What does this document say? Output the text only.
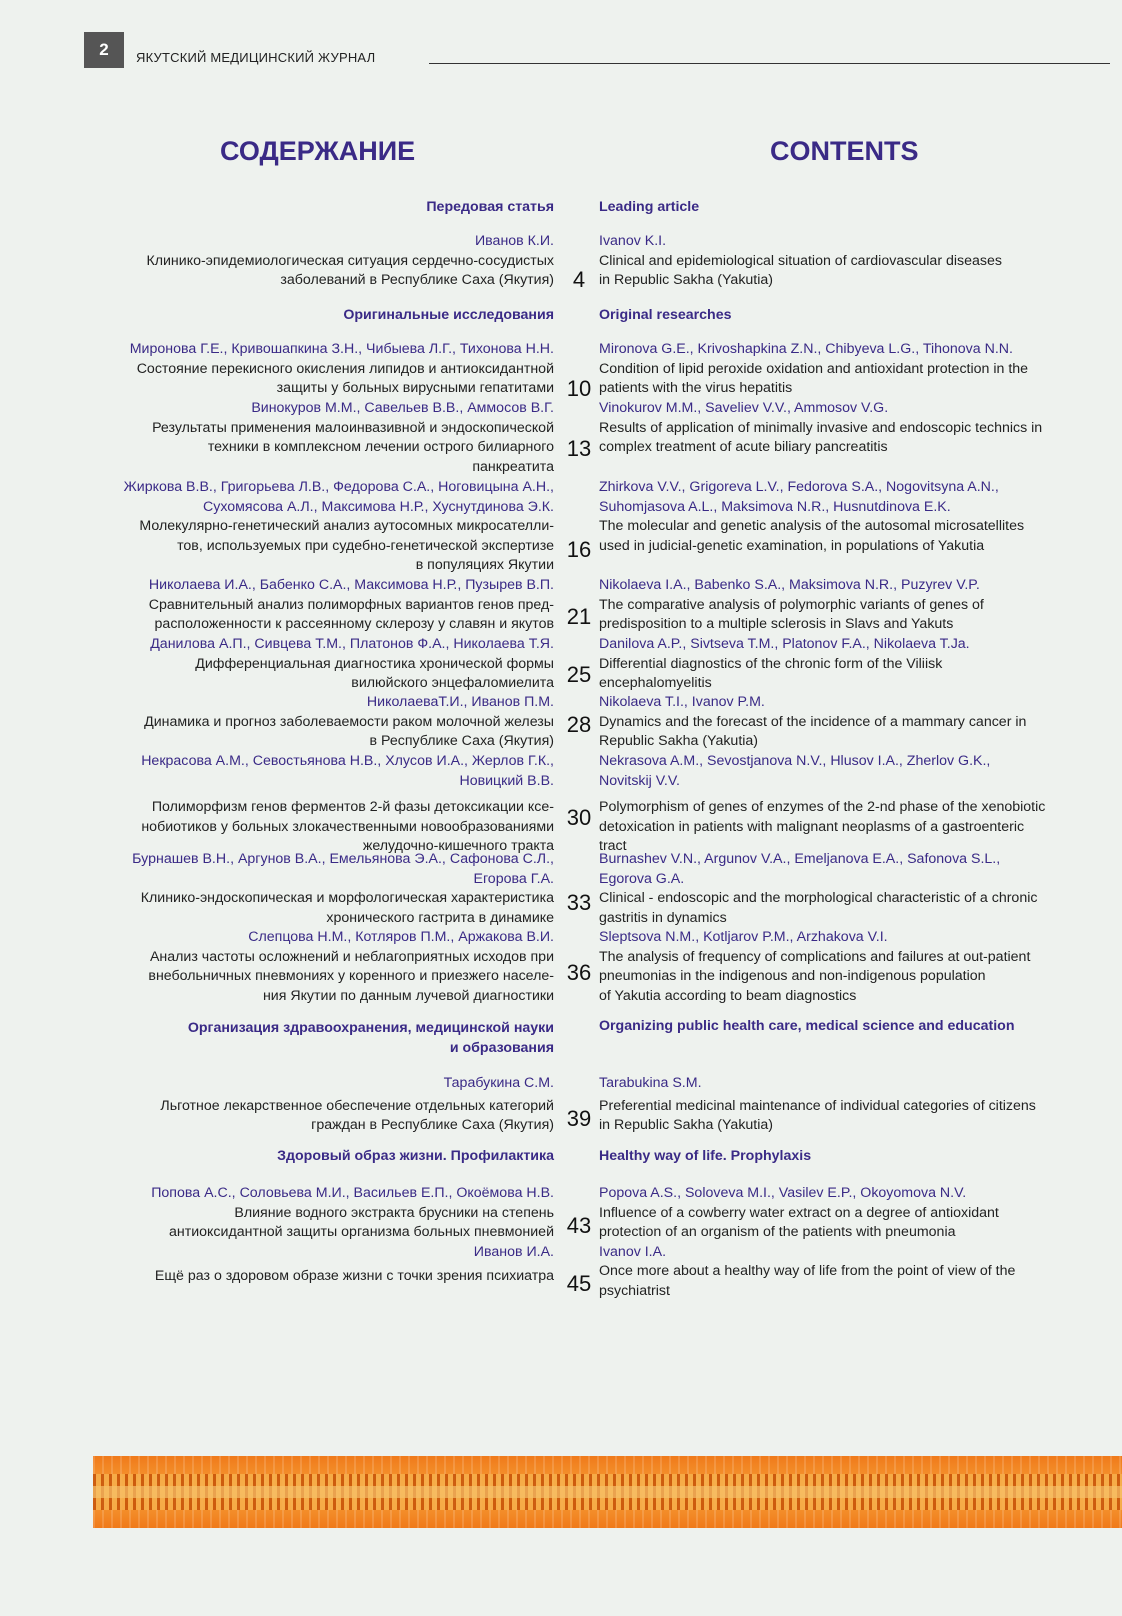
2	ЯКУТСКИЙ МЕДИЦИНСКИЙ ЖУРНАЛ
СОДЕРЖАНИЕ	CONTENTS
Передовая статья
Иванов К.И.
Клинико-эпидемиологическая ситуация сердечно-сосудистых
заболеваний в Республике Саха (Якутия)
Оригинальные исследования
Миронова Г.Е., Кривошапкина З.Н., Чибыева Л.Г., Тихонова Н.Н.
Состояние перекисного окисления липидов и антиоксидантной
защиты у больных вирусными гепатитами
Винокуров М.М., Савельев В.В., Аммосов В.Г.
Результаты применения малоинвазивной и эндоскопической
техники в комплексном лечении острого билиарного
панкреатита
Жиркова В.В., Григорьева Л.В., Федорова С.А., Ноговицына А.Н.,
Сухомясова А.Л., Максимова Н.Р., Хуснутдинова Э.К.
Молекулярно-генетический анализ аутосомных микросателли-
тов, используемых при судебно-генетической экспертизе
в популяциях Якутии
Николаева И.А., Бабенко С.А., Максимова Н.Р., Пузырев В.П.
Сравнительный анализ полиморфных вариантов генов пред-
расположенности к рассеянному склерозу у славян и якутов
Данилова А.П., Сивцева Т.М., Платонов Ф.А., Николаева Т.Я.
Дифференциальная диагностика хронической формы
вилюйского энцефаломиелита
НиколаеваТ.И., Иванов П.М.
Динамика и прогноз заболеваемости раком молочной железы
в Республике Саха (Якутия)
Некрасова А.М., Севостьянова Н.В., Хлусов И.А., Жерлов Г.К.,
Новицкий В.В.
Полиморфизм генов ферментов 2-й фазы детоксикации ксе-
нобиотиков у больных злокачественными новообразованиями
желудочно-кишечного тракта
Бурнашев В.Н., Аргунов В.А., Емельянова Э.А., Сафонова С.Л.,
Егорова Г.А.
Клинико-эндоскопическая и морфологическая характеристика
хронического гастрита в динамике
Слепцова Н.М., Котляров П.М., Аржакова В.И.
Анализ частоты осложнений и неблагоприятных исходов при
внебольничных пневмониях у коренного и приезжего населе-
ния Якутии по данным лучевой диагностики
Организация здравоохранения, медицинской науки
и образования
Тарабукина С.М.
Льготное лекарственное обеспечение отдельных категорий
граждан в Республике Саха (Якутия)
Здоровый образ жизни. Профилактика
Попова А.С., Соловьева М.И., Васильев Е.П., Окоёмова Н.В.
Влияние водного экстракта брусники на степень
антиоксидантной защиты организма больных пневмонией
Иванов И.А.
Ещё раз о здоровом образе жизни с точки зрения психиатра
4
10
13
16
21
25
28
30
33
36
39
43
45
Leading article
Ivanov K.I.
Clinical and epidemiological situation of cardiovascular diseases
in Republic Sakha (Yakutia)
Original researches
Mironova G.E., Krivoshapkina Z.N., Chibyeva L.G., Tihonova N.N.
Condition of lipid peroxide oxidation and antioxidant protection in the
patients with the virus hepatitis
Vinokurov M.M., Saveliev V.V., Ammosov V.G.
Results of application of minimally invasive and endoscopic technics in
complex treatment of acute biliary pancreatitis
Zhirkova V.V., Grigoreva L.V., Fedorova S.A., Nogovitsyna A.N.,
Suhomjasova A.L., Maksimova N.R., Husnutdinova E.K.
The molecular and genetic analysis of the autosomal microsatellites
used in judicial-genetic examination, in populations of Yakutia
Nikolaeva I.A., Babenko S.A., Maksimova N.R., Puzyrev V.P.
The comparative analysis of polymorphic variants of genes of
predisposition to a multiple sclerosis in Slavs and Yakuts
Danilova A.P., Sivtseva T.M., Platonov F.A., Nikolaeva T.Ja.
Differential diagnostics of the chronic form of the Viliisk
encephalomyelitis
Nikolaeva T.I., Ivanov P.M.
Dynamics and the forecast of the incidence of a mammary cancer in
Republic Sakha (Yakutia)
Nekrasova A.M., Sevostjanova N.V., Hlusov I.A., Zherlov G.K.,
Novitskij V.V.
Polymorphism of genes of enzymes of the 2-nd phase of the xenobiotic
detoxication in patients with malignant neoplasms of a gastroenteric
tract
Burnashev V.N., Argunov V.A., Emeljanova E.A., Safonova S.L.,
Egorova G.A.
Clinical - endoscopic and the morphological characteristic of a chronic
gastritis in dynamics
Sleptsova N.M., Kotljarov P.M., Arzhakova V.I.
The analysis of frequency of complications and failures at out-patient
pneumonias in the indigenous and non-indigenous population
of Yakutia according to beam diagnostics
Organizing public health care, medical science and education
Tarabukina S.M.
Preferential medicinal maintenance of individual categories of citizens
in Republic Sakha (Yakutia)
Healthy way of life. Prophylaxis
Popova A.S., Soloveva M.I., Vasilev E.P., Okoyomova N.V.
Influence of a cowberry water extract on a degree of antioxidant
protection of an organism of the patients with pneumonia
Ivanov I.A.
Once more about a healthy way of life from the point of view of the
psychiatrist
